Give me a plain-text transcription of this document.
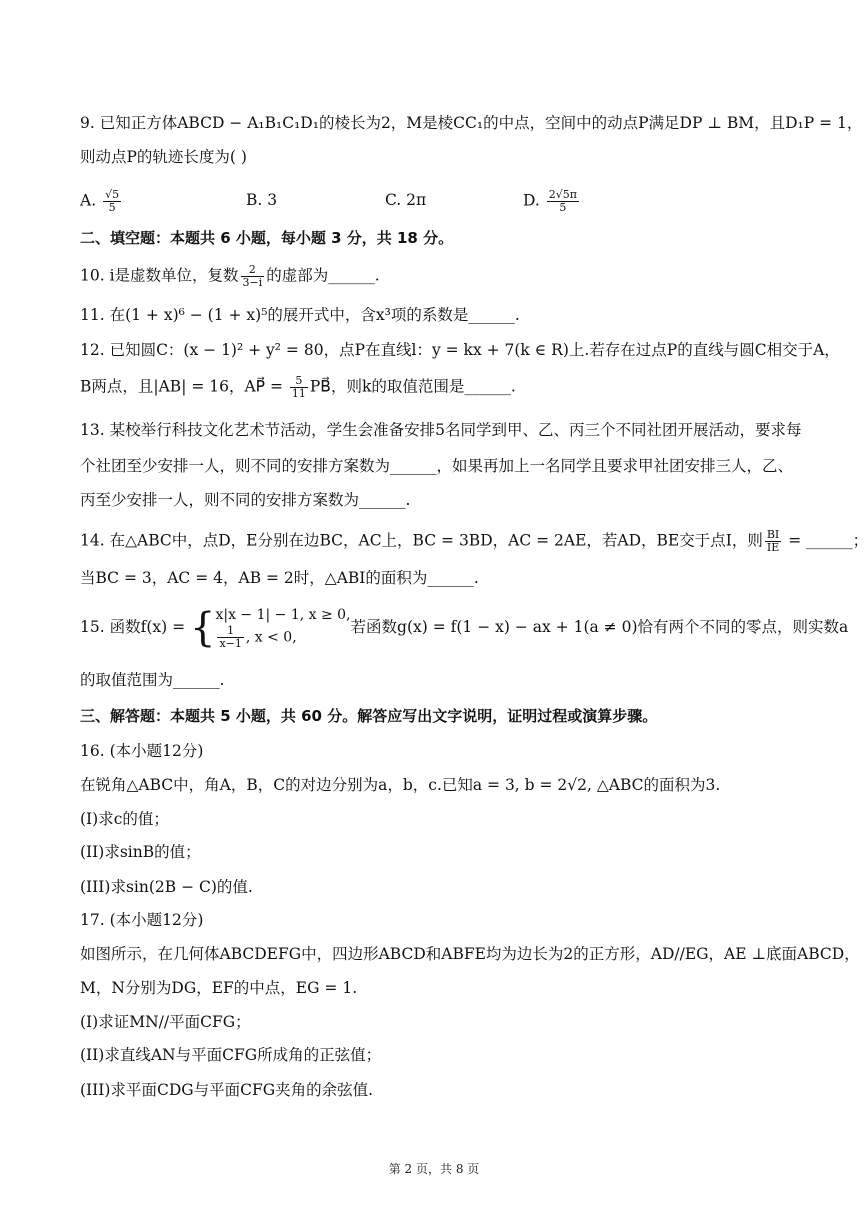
9. 已知正方体ABCD − A₁B₁C₁D₁的棱长为2，M是棱CC₁的中点，空间中的动点P满足DP ⊥ BM，且D₁P = 1，
则动点P的轨迹长度为( )
A. $\frac{√5}{5}$	B. 3	C. 2π	D. $\frac{2√5\pi}{5}$
二、填空题：本题共 6 小题，每小题 3 分，共 18 分。
10. i是虚数单位，复数 $\frac{2}{3-i}$ 的虚部为______.
11. 在(1 + x)⁶ − (1 + x)⁵的展开式中，含x³项的系数是______.
12. 已知圆C：(x − 1)² + y² = 80，点P在直线l：y = kx + 7(k ∈ R)上.若存在过点P的直线与圆C相交于A，
B两点，且|AB| = 16，AP⃗ = $\frac{5}{11}$ PB⃗，则k的取值范围是______.
13. 某校举行科技文化艺术节活动，学生会准备安排5名同学到甲、乙、丙三个不同社团开展活动，要求每
个社团至少安排一人，则不同的安排方案数为______，如果再加上一名同学且要求甲社团安排三人，乙、
丙至少安排一人，则不同的安排方案数为______.
14. 在△ABC中，点D，E分别在边BC，AC上，BC = 3BD，AC = 2AE，若AD，BE交于点I，则 $\frac{BI}{IE}$ = ______；
当BC = 3，AC = 4，AB = 2时，△ABI的面积为______.
15. 函数f(x) = { x|x − 1| − 1, x ≥ 0,
$\frac{1}{x-1}$ , x < 0,
若函数g(x) = f(1 − x) − ax + 1(a ≠ 0)恰有两个不同的零点，则实数a
的取值范围为______.
三、解答题：本题共 5 小题，共 60 分。解答应写出文字说明，证明过程或演算步骤。
16. (本小题12分)
在锐角△ABC中，角A，B，C的对边分别为a，b，c.已知a = 3, b = 2√2, △ABC的面积为3.
(I)求c的值；
(II)求sinB的值；
(III)求sin(2B − C)的值.
17. (本小题12分)
如图所示，在几何体ABCDEFG中，四边形ABCD和ABFE均为边长为2的正方形，AD//EG，AE ⊥底面ABCD，
M，N分别为DG，EF的中点，EG = 1.
(I)求证MN//平面CFG；
(II)求直线AN与平面CFG所成角的正弦值；
(III)求平面CDG与平面CFG夹角的余弦值.
第 2 页，共 8 页
